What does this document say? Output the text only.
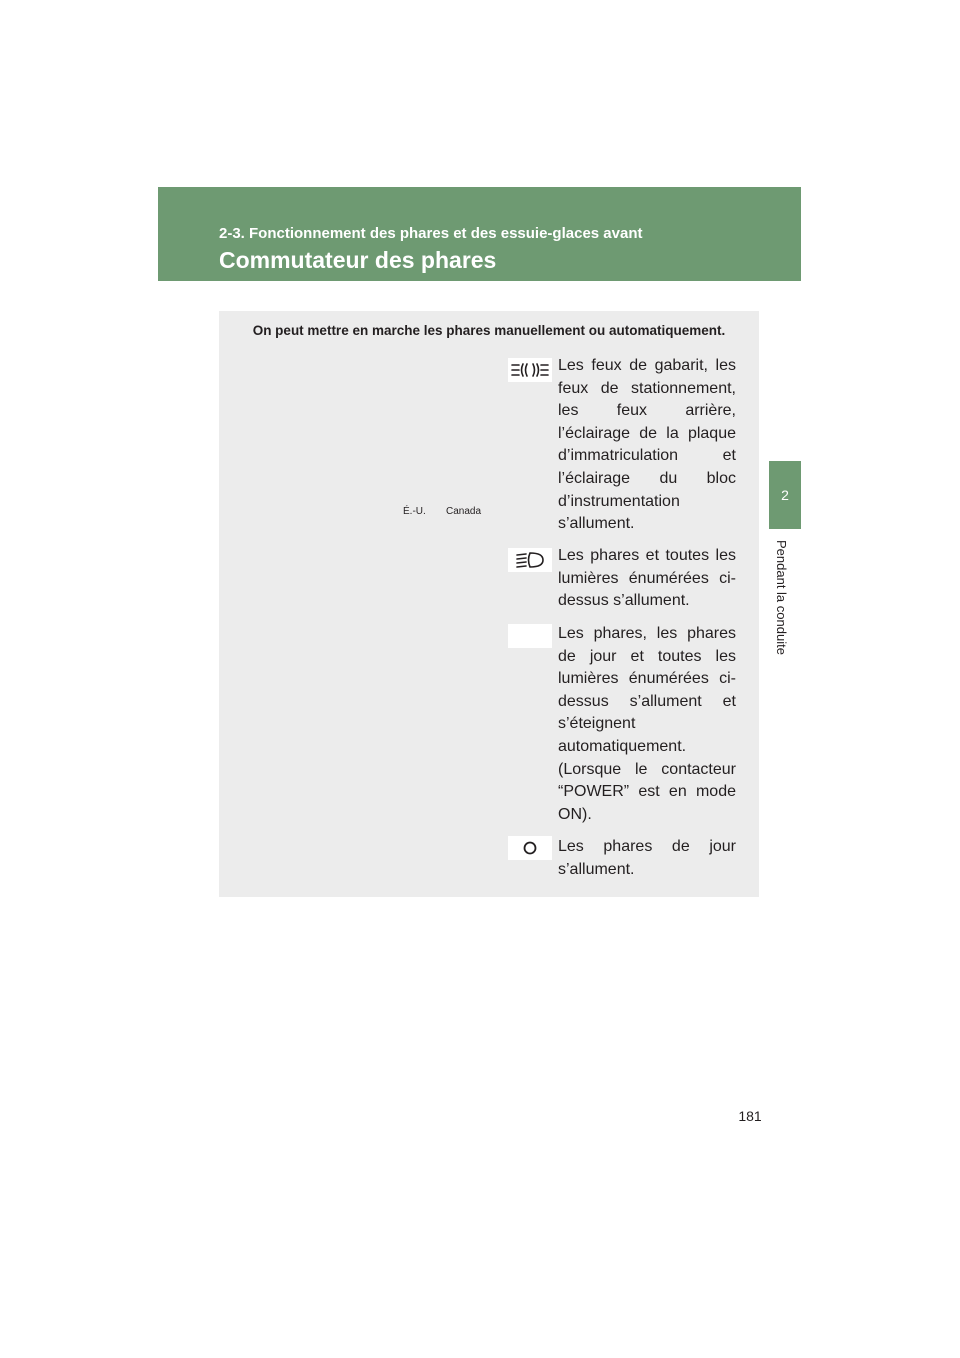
2-3. Fonctionnement des phares et des essuie-glaces avant
Commutateur des phares
2
Pendant la conduite
On peut mettre en marche les phares manuellement ou automatiquement.
É.-U. Canada

Les feux de gabarit, les feux de stationnement, les feux arrière, l’éclairage de la plaque d’immatriculation et l’éclairage du bloc d’instrumentation s’allument.

Les phares et toutes les lumières énumérées ci-dessus s’allument.

Les phares, les phares de jour et toutes les lumières énumérées ci-dessus s’allument et s’éteignent automatiquement.

(Lorsque le contacteur “POWER” est en mode ON).

Les phares de jour s’allument.

181
